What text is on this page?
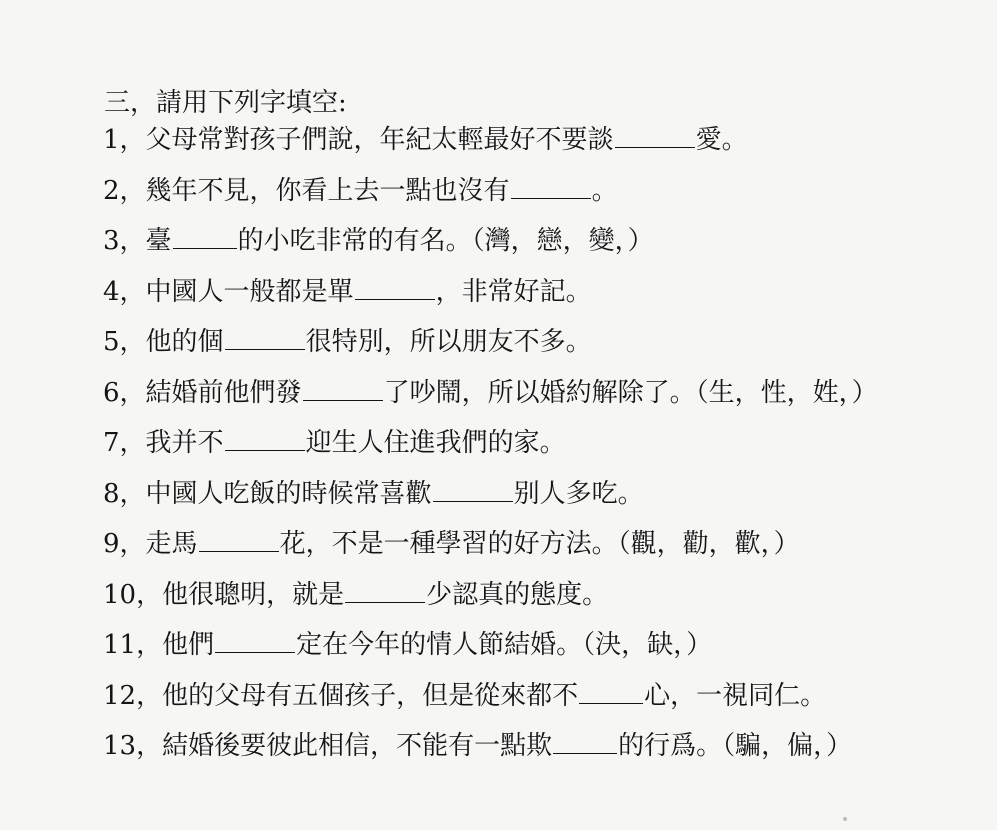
三，請用下列字填空:
1，父母常對孩子們說，年紀太輕最好不要談	愛。
2，幾年不見，你看上去一點也沒有	。
3，臺	的小吃非常的有名。（灣，戀，變，）
4，中國人一般都是單	，非常好記。
5，他的個	很特別，所以朋友不多。
6，結婚前他們發	了吵鬧，所以婚約解除了。（生，性，姓，）
7，我并不	迎生人住進我們的家。
8，中國人吃飯的時候常喜歡	别人多吃。
9，走馬	花，不是一種學習的好方法。（觀，勸，歡，）
10，他很聰明，就是	少認真的態度。
11，他們	定在今年的情人節結婚。（決，缺，）
12，他的父母有五個孩子，但是從來都不	心，一視同仁。
13，結婚後要彼此相信，不能有一點欺	的行爲。（騙，偏，）
